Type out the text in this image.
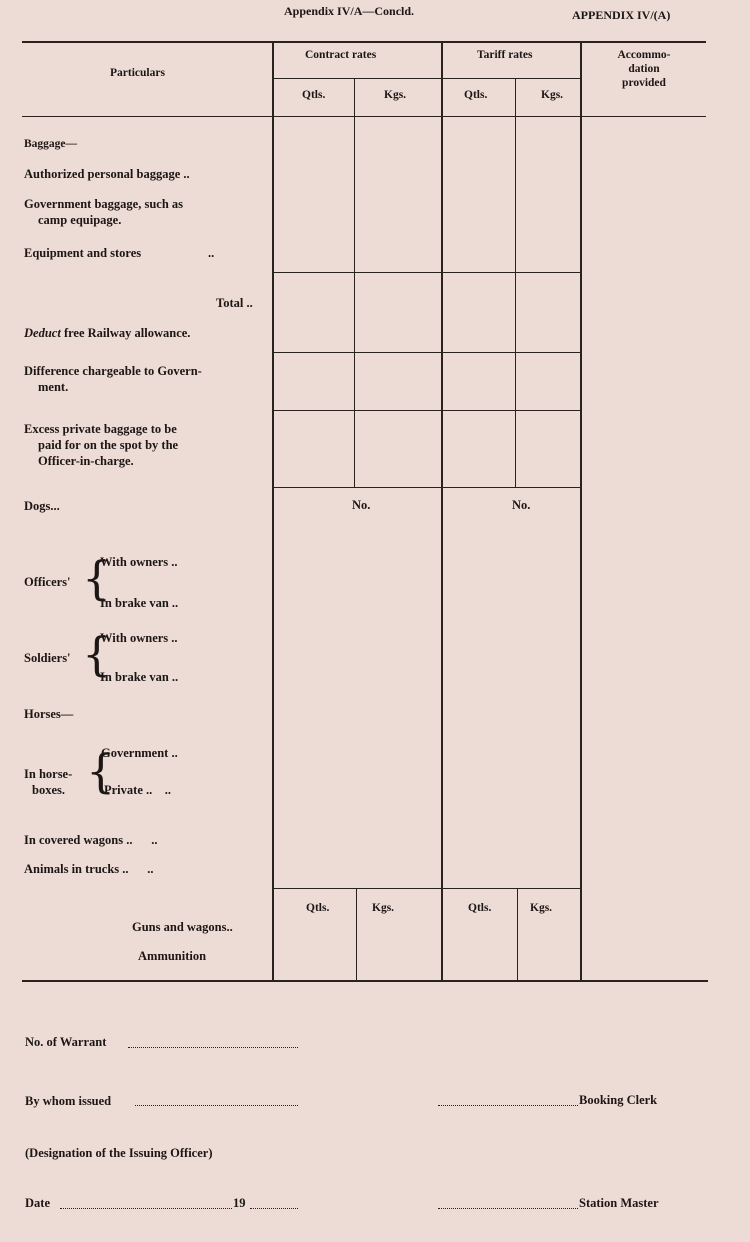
Appendix IV/A—Concld.	APPENDIX IV/(A)
Particulars
Contract rates	Tariff rates	Accommo-
dation
provided
Qtls.	Kgs.	Qtls.	Kgs.
Baggage—
Authorized personal baggage ..
Government baggage, such as
camp equipage.
Equipment and stores	..
Total ..
Deduct free Railway allowance.
Difference chargeable to Govern-
ment.
Excess private baggage to be
paid for on the spot by the
Officer-in-charge.
Dogs...	No.	No.
Officers' {
With owners ..
In brake van ..
Soldiers' {
With owners ..
In brake van ..
Horses—
In horse-
boxes. {
Government ..
Private ..    ..
In covered wagons ..      ..
Animals in trucks ..      ..
Qtls.	Kgs.	Qtls.	Kgs.
Guns and wagons..
Ammunition
No. of Warrant
By whom issued	Booking Clerk
(Designation of the Issuing Officer)
Date	19	Station Master
